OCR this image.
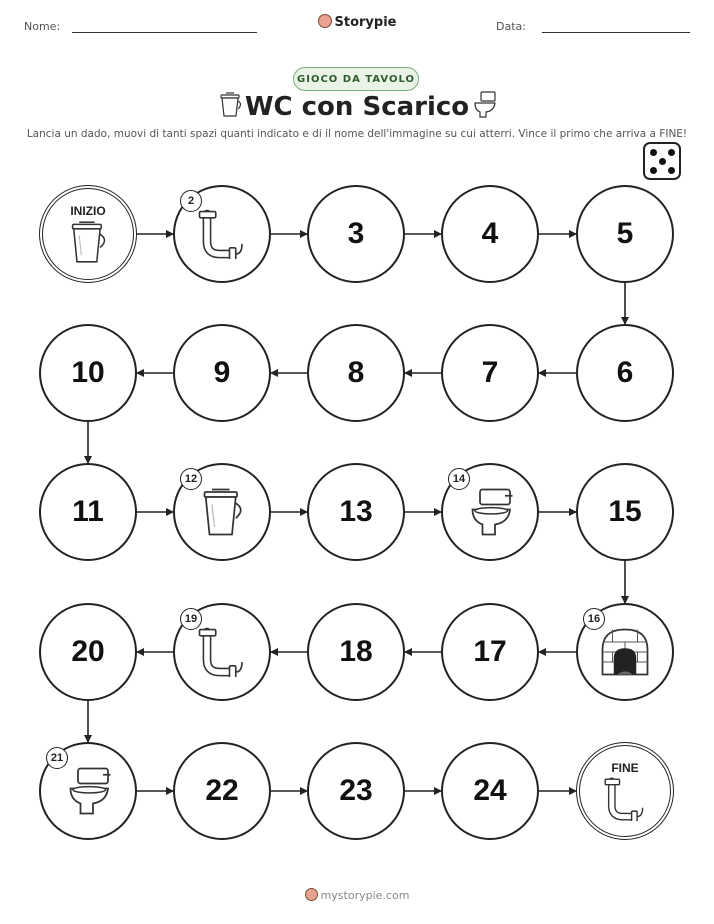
Nome:	Storypie	Data:
GIOCO DA TAVOLO
WC con Scarico
Lancia un dado, muovi di tanti spazi quanti indicato e di il nome dell'immagine su cui atterri. Vince il primo che arriva a FINE!
INIZIO
3	4	5
6
7
8
9
10
11	13	15
17
18
20
22	23	24
FINE
2
12	14
16
19
21
mystorypie.com
